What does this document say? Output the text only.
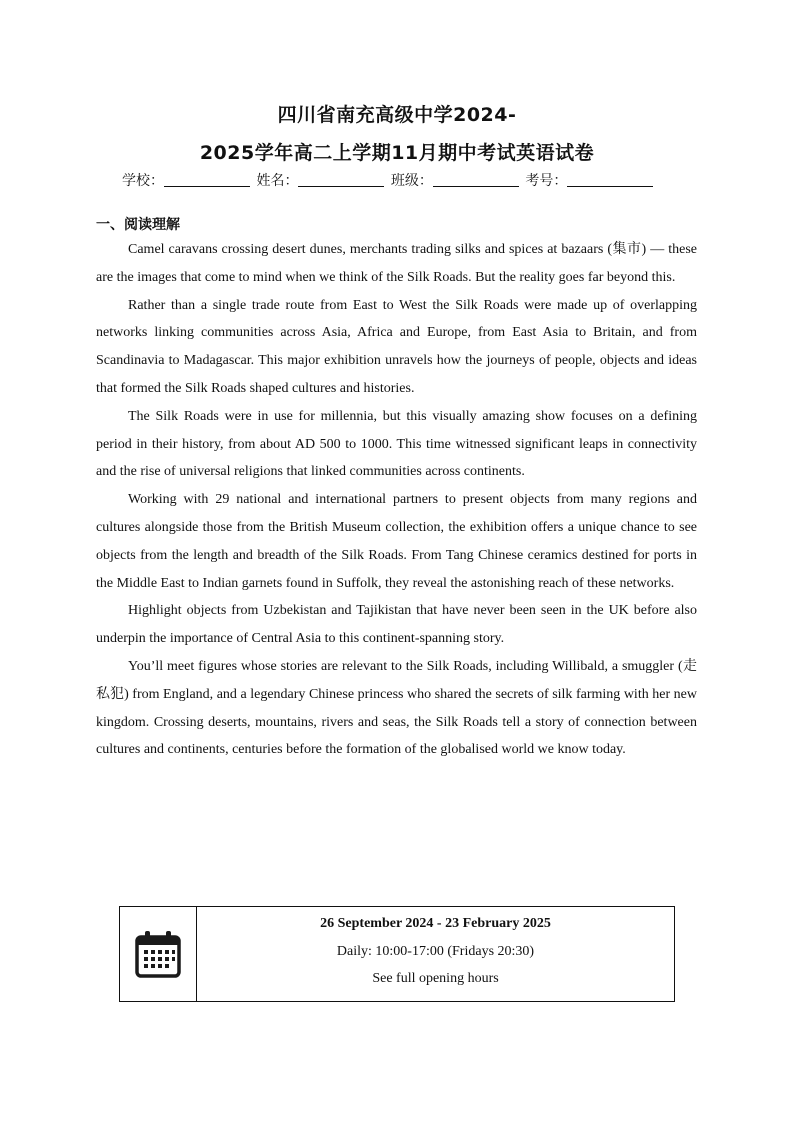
四川省南充高级中学2024-
2025学年高二上学期11月期中考试英语试卷
学校：	姓名：	班级：	考号：
一、阅读理解

Camel caravans crossing desert dunes, merchants trading silks and spices at bazaars (集市) — these are the images that come to mind when we think of the Silk Roads. But the reality goes far beyond this.

Rather than a single trade route from East to West the Silk Roads were made up of overlapping networks linking communities across Asia, Africa and Europe, from East Asia to Britain, and from Scandinavia to Madagascar. This major exhibition unravels how the journeys of people, objects and ideas that formed the Silk Roads shaped cultures and histories.

The Silk Roads were in use for millennia, but this visually amazing show focuses on a defining period in their history, from about AD 500 to 1000. This time witnessed significant leaps in connectivity and the rise of universal religions that linked communities across continents.

Working with 29 national and international partners to present objects from many regions and cultures alongside those from the British Museum collection, the exhibition offers a unique chance to see objects from the length and breadth of the Silk Roads. From Tang Chinese ceramics destined for ports in the Middle East to Indian garnets found in Suffolk, they reveal the astonishing reach of these networks.

Highlight objects from Uzbekistan and Tajikistan that have never been seen in the UK before also underpin the importance of Central Asia to this continent-spanning story.

You’ll meet figures whose stories are relevant to the Silk Roads, including Willibald, a smuggler (走私犯) from England, and a legendary Chinese princess who shared the secrets of silk farming with her new kingdom. Crossing deserts, mountains, rivers and seas, the Silk Roads tell a story of connection between cultures and continents, centuries before the formation of the globalised world we know today.

26 September 2024 - 23 February 2025
Daily: 10:00-17:00 (Fridays 20:30)
See full opening hours
